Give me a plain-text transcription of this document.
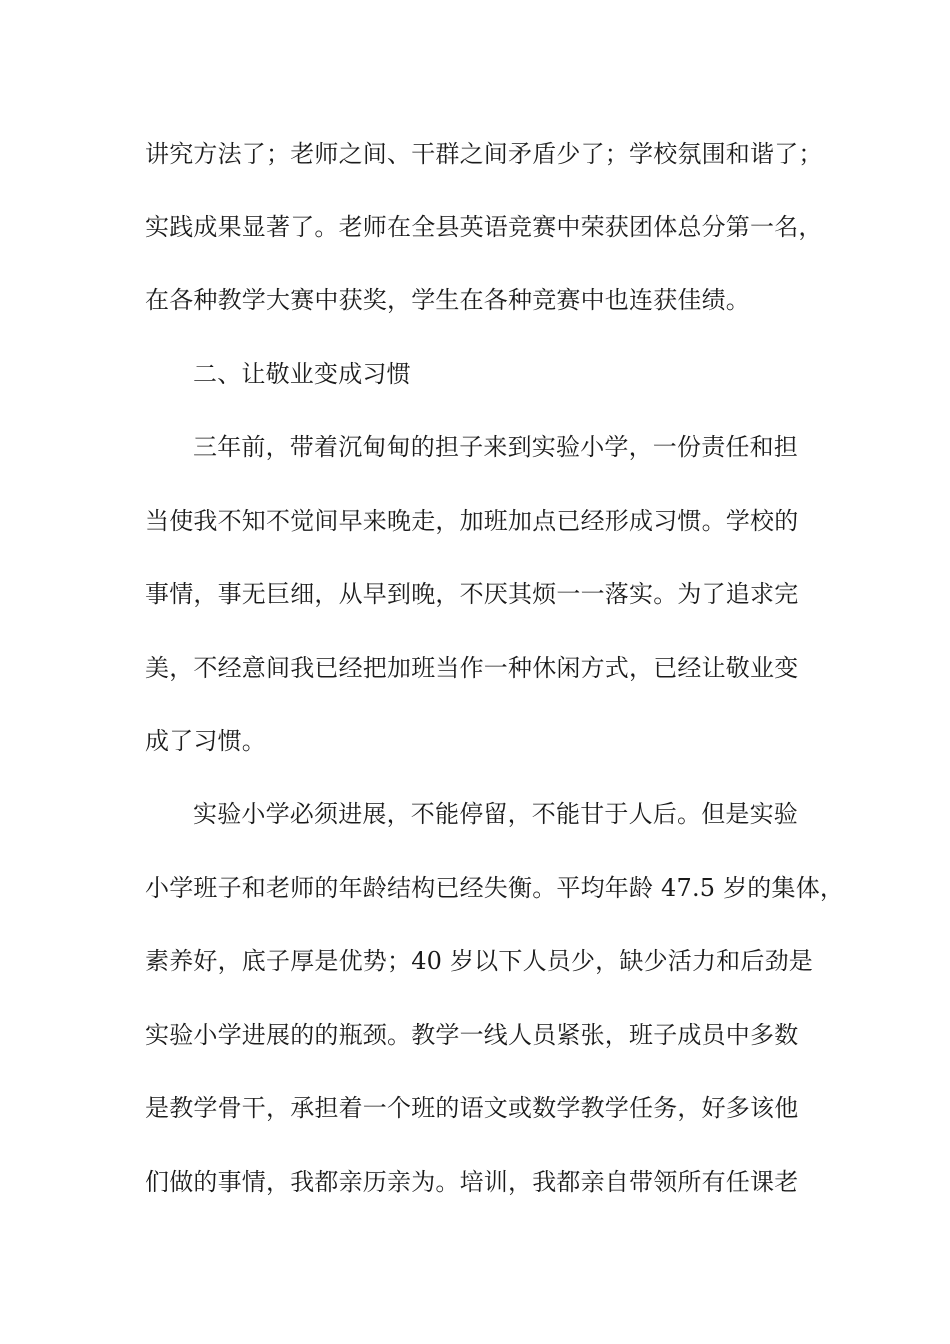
讲究方法了；老师之间、干群之间矛盾少了；学校氛围和谐了；
实践成果显著了。老师在全县英语竞赛中荣获团体总分第一名，
在各种教学大赛中获奖，学生在各种竞赛中也连获佳绩。
二、让敬业变成习惯
三年前，带着沉甸甸的担子来到实验小学，一份责任和担
当使我不知不觉间早来晚走，加班加点已经形成习惯。学校的
事情，事无巨细，从早到晚，不厌其烦一一落实。为了追求完
美，不经意间我已经把加班当作一种休闲方式，已经让敬业变
成了习惯。
实验小学必须进展，不能停留，不能甘于人后。但是实验
小学班子和老师的年龄结构已经失衡。平均年龄 47.5 岁的集体，
素养好，底子厚是优势；40 岁以下人员少，缺少活力和后劲是
实验小学进展的的瓶颈。教学一线人员紧张，班子成员中多数
是教学骨干，承担着一个班的语文或数学教学任务，好多该他
们做的事情，我都亲历亲为。培训，我都亲自带领所有任课老
